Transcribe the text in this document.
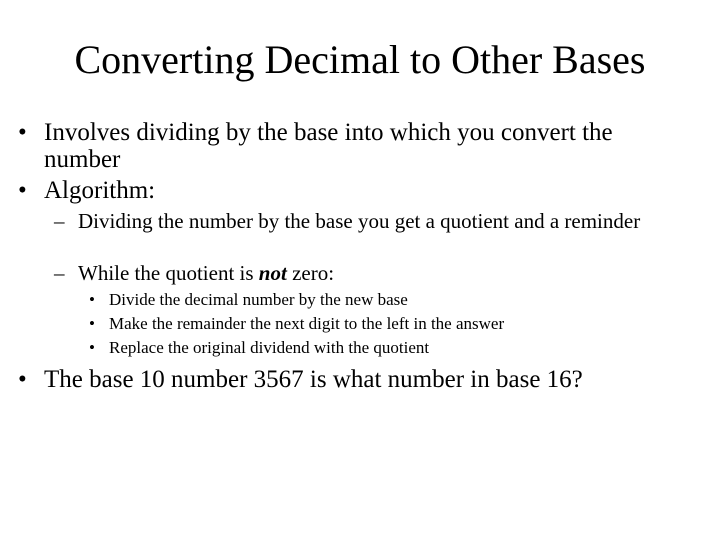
Converting Decimal to Other Bases
• Involves dividing by the base into which you convert the number
• Algorithm:
– Dividing the number by the base you get a quotient and a reminder
– While the quotient is not zero:
• Divide the decimal number by the new base
• Make the remainder the next digit to the left in the answer
• Replace the original dividend with the quotient
• The base 10 number 3567 is what number in base 16?
